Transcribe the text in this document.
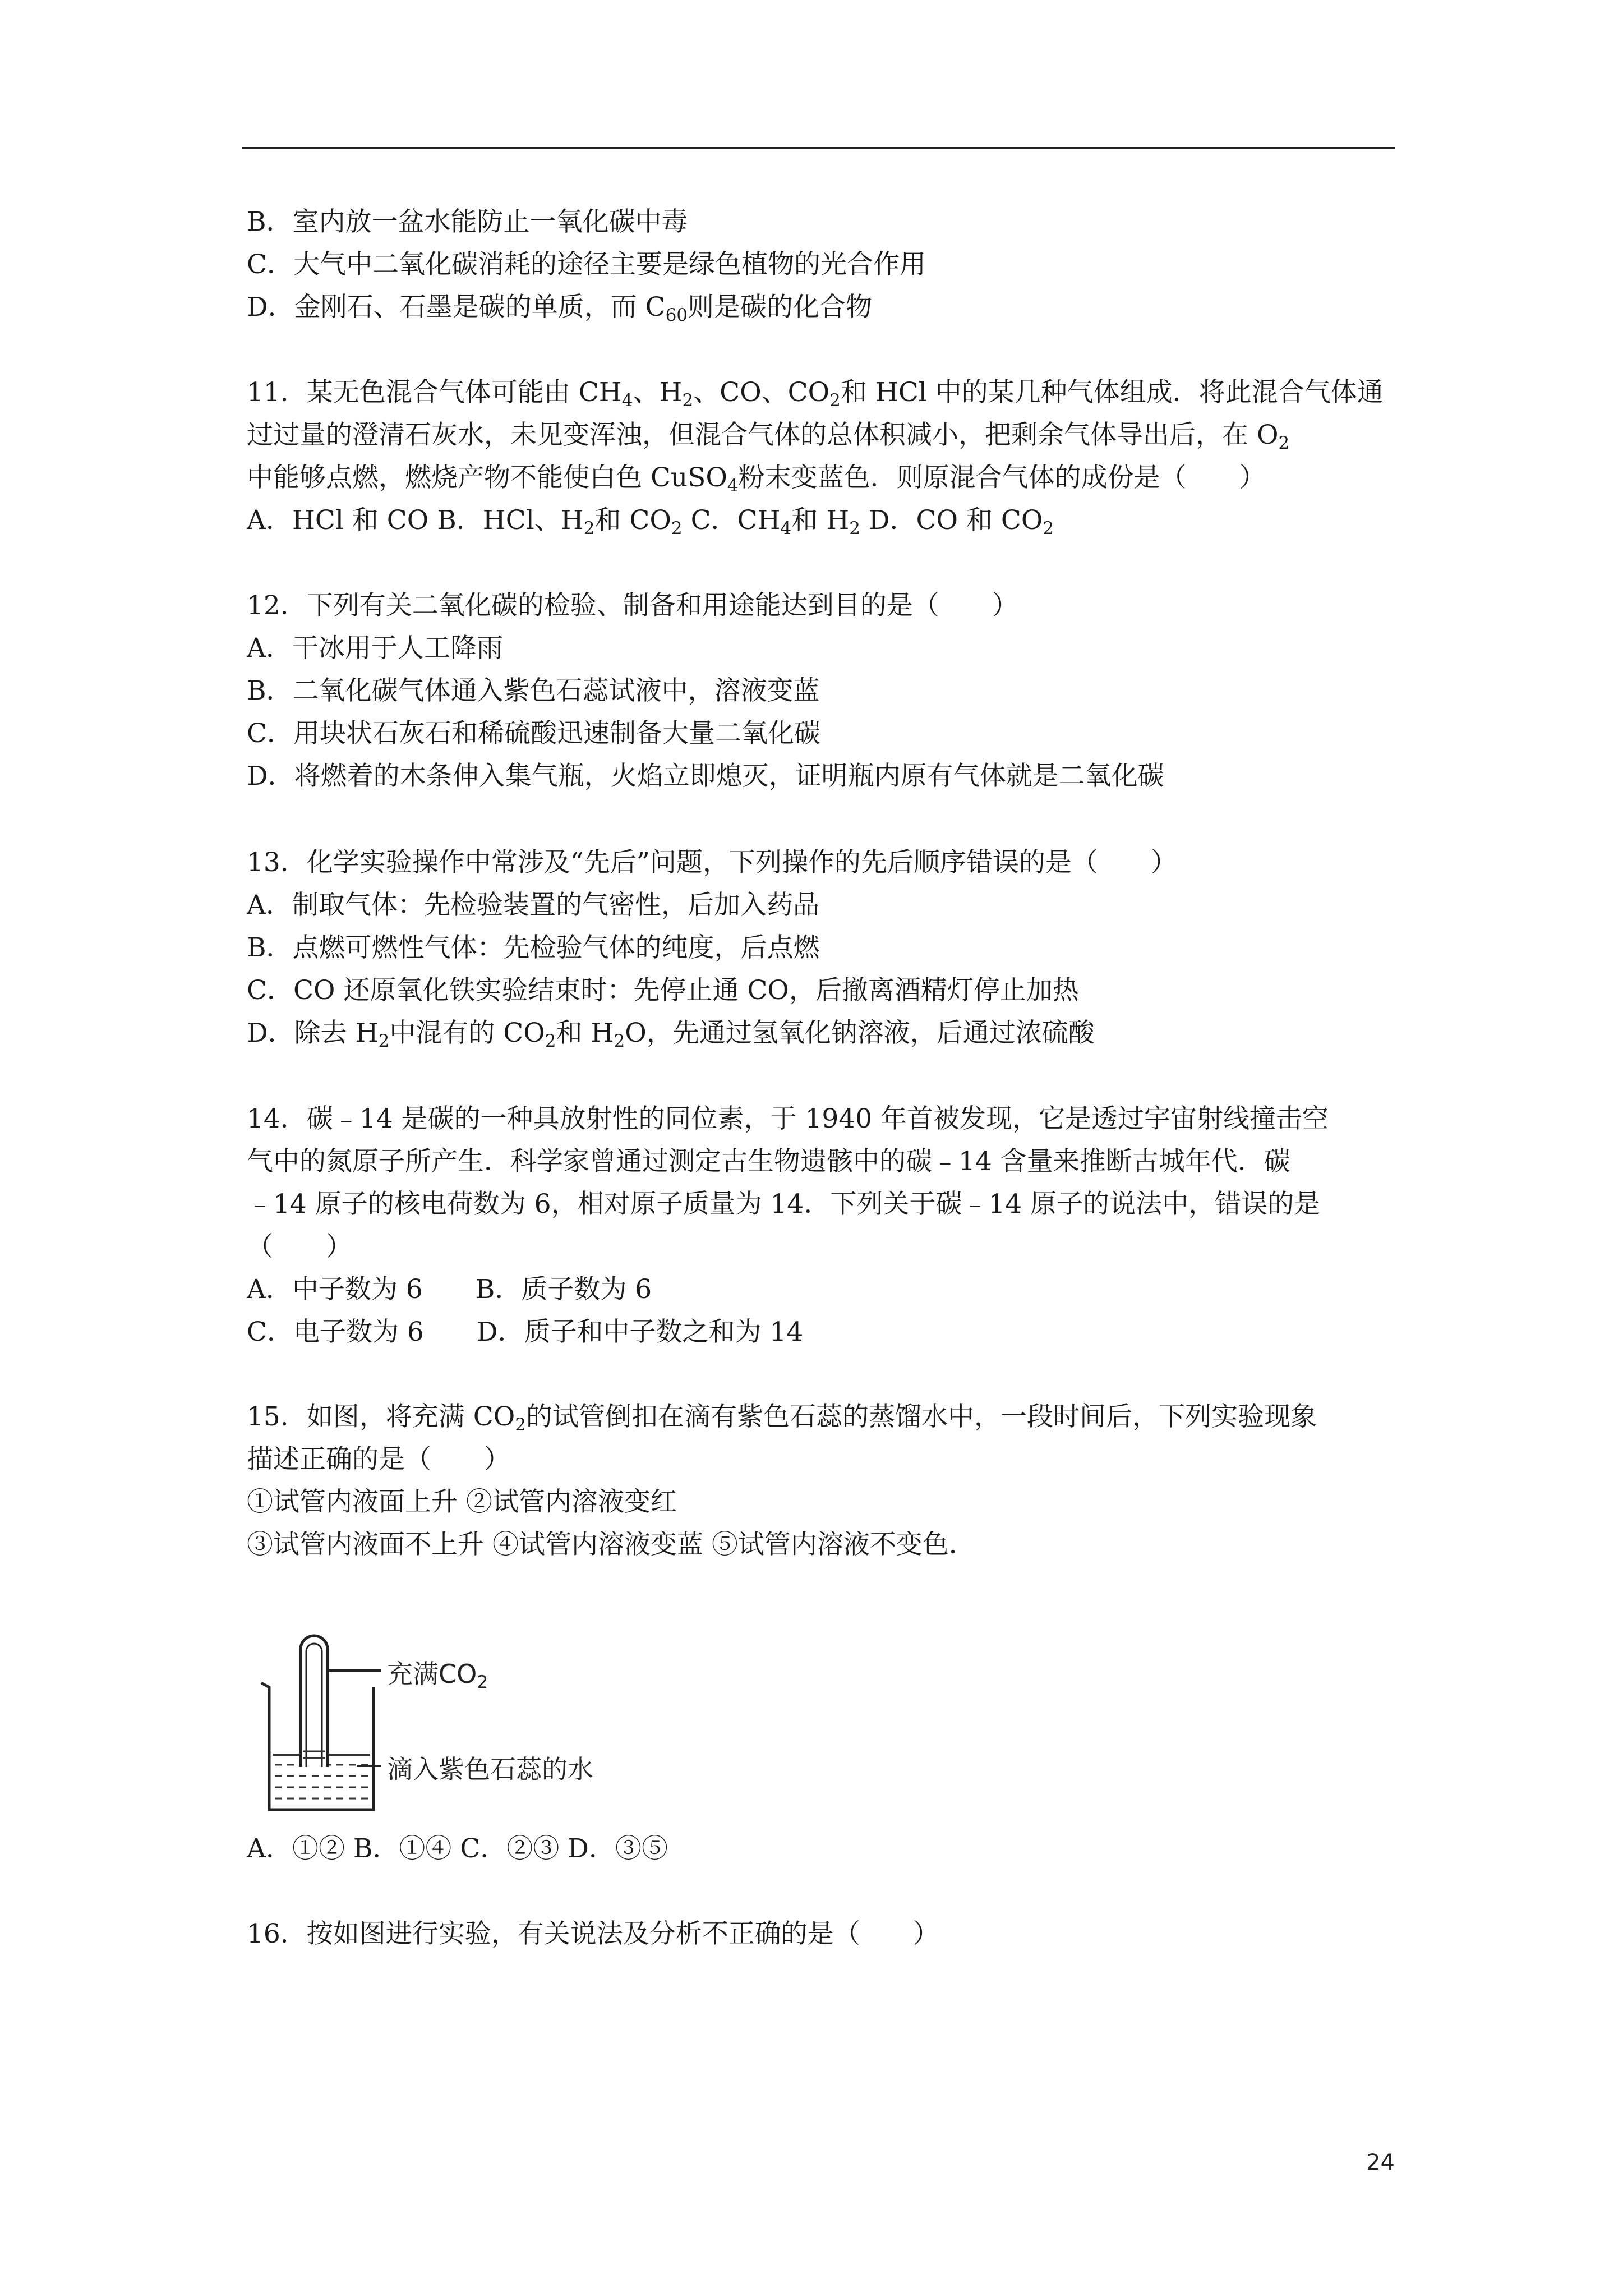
B．室内放一盆水能防止一氧化碳中毒
C．大气中二氧化碳消耗的途径主要是绿色植物的光合作用
D．金刚石、石墨是碳的单质，而 $C_{60}$则是碳的化合物
11．某无色混合气体可能由 $CH_4$、$H_2$、CO、$CO_2$和 HCl 中的某几种气体组成．将此混合气体通
过过量的澄清石灰水，未见变浑浊，但混合气体的总体积减小，把剩余气体导出后，在 $O_2$
中能够点燃，燃烧产物不能使白色 CuSO$_4$粉末变蓝色．则原混合气体的成份是（　　）
A．HCl 和 CO B．HCl、$H_2$和 $CO_2$ C．$CH_4$和 $H_2$ D．CO 和 $CO_2$
12．下列有关二氧化碳的检验、制备和用途能达到目的是（　　）
A．干冰用于人工降雨
B．二氧化碳气体通入紫色石蕊试液中，溶液变蓝
C．用块状石灰石和稀硫酸迅速制备大量二氧化碳
D．将燃着的木条伸入集气瓶，火焰立即熄灭，证明瓶内原有气体就是二氧化碳
13．化学实验操作中常涉及“先后”问题，下列操作的先后顺序错误的是（　　）
A．制取气体：先检验装置的气密性，后加入药品
B．点燃可燃性气体：先检验气体的纯度，后点燃
C．CO 还原氧化铁实验结束时：先停止通 CO，后撤离酒精灯停止加热
D．除去 $H_2$中混有的 $CO_2$和 $H_2O$，先通过氢氧化钠溶液，后通过浓硫酸
14．碳﹣14 是碳的一种具放射性的同位素，于 1940 年首被发现，它是透过宇宙射线撞击空
气中的氮原子所产生．科学家曾通过测定古生物遗骸中的碳﹣14 含量来推断古城年代．碳
﹣14 原子的核电荷数为 6，相对原子质量为 14．下列关于碳﹣14 原子的说法中，错误的是
（　　）
A．中子数为 6　　B．质子数为 6
C．电子数为 6　　D．质子和中子数之和为 14
15．如图，将充满 $CO_2$的试管倒扣在滴有紫色石蕊的蒸馏水中，一段时间后，下列实验现象
描述正确的是（　　）
①试管内液面上升 ②试管内溶液变红
③试管内液面不上升 ④试管内溶液变蓝 ⑤试管内溶液不变色．
充满$CO_2$
滴入紫色石蕊的水
A．①② B．①④ C．②③ D．③⑤
16．按如图进行实验，有关说法及分析不正确的是（　　）
24
